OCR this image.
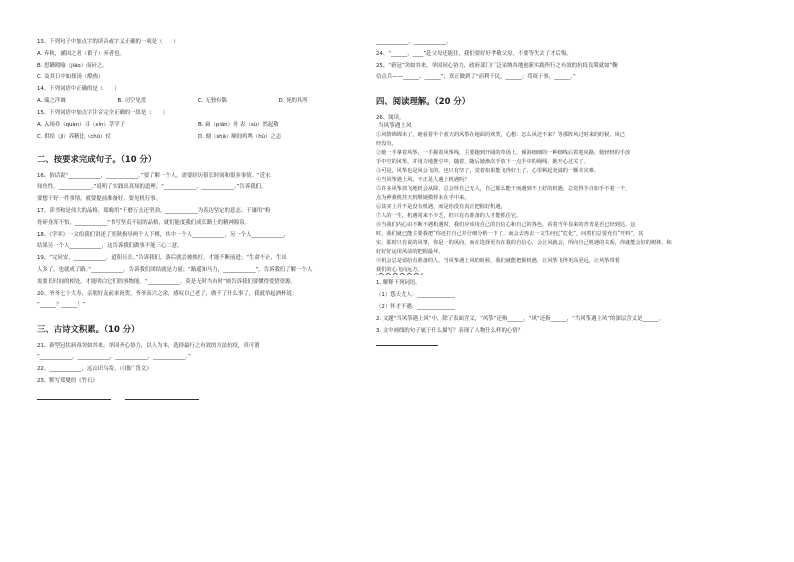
13、下列句子中加点字的读音或字义正确的一项是（　　）
A. 弃秋，涵国之者（蓄子）弃者也。
B. 思瞒瑕喻（jiāo）而矸之。
C. 及其日中如探汤（酷热）
14、下列词语中正确的是（　　）
A. 瑞之洋调	B. 司空见贯	C. 无独有偶	D. 死的其所
15、下列词语中加点字注音完全正确的一组是（　　）
A. 入场券（quàn）寻（xín）莘学子	B. 扁（piān）舟 表（sù）然起敬
C. 供给（jǐ）养精比（chǔ）仗	D. 刻（shā）顺间鸡鸣（hú）之志
二、按要求完成句子。（10 分）
16、俗话说“____________，____________。”要了解一个人，需要经历很长时间和很多事情。“近水
知鱼性，____________。”说明了实践出真知的道理；“____________，____________。”告诉我们，
要想干好一件事情，就要提前准备好，要见机行事。
17、读书和是伟大的品格。郑晚用“千磨万击还坚劲，____________为表达坚定的意志；于谦用“粉
骨碎身浑不怕，____________”书写坚贞不屈的品格，就们能度我们成长路上的精神源泉。
18、《学弈》一文给我们讲述了奕秋指导两个人下棋，其中一个人____________，另一个人____________，
结果另一个人____________，这告诉我们做事不能三心二意。
19、“完同安，____________，道阻且长。”告诉我们，落后就会被挨打，才能不断前进；“生命不止，生出
人多了，也就成了路。”____________。告诉我们团结就是力量；“路遥知马力，____________”，告诉我们了解一个人
需要长时间的相处，才能明白它们的事物能。“____________，莫是无时当有时”则告诉我们要懂得爱惜资源。
20、爷爷七十大寿，亲朋好友前来祝贺，爷爷高兴之余，感叹自己老了，做不了什么事了，我就举起酒杯说：
“______？______！”
三、古诗文积累。（10 分）
21、新型冠状病毒突如其来，举国齐心协力，以人为本，选择最行之有效的方法抗疫，真可谓
“____________，____________，____________，____________。”
22、____________，远山识乌寄。（《细广货文》
23、默写郑燮的《竹石》
____________，____________。
24、“______，____”赴父母还能住，我们要好好孝敬父母，不要等失去了才后悔。
25、“新冠”突如其来，举国同心协力，政府部门广泛采纳各地创新实践所行之有效的抗疫良策就如“鞠
信点兵——______、______”；真正做到了“而利千民，______；苟周于事，______。”
四、阅读理解。（20 分）
26、阅读。
当风筝遇上风
①风情绵绵未了，她看着半个蓝天的风筝在地面的欢笑，心想：怎么风还不来？等那阵风过时来的时候，风已
经没有。
②她一手拿着风筝，一手握着风筝线，主要跑到开阔的草场上，倾斜细细的一种细线后着迎风路，她轻轻的手放
手中空的风筝，并用力地推空中，随着，随后她渐次手放下一点手中的绳线，她开心过关了。
③可是，风筝也是风会飞的，也只有坚了，觉着如果能飞得好上了，心里顿起充溢的一颗幸灾难。
④当风筝遇上风，不正是人遇上机遇吗？
⑤许多风筝放飞地机会从降，总会怪自己无人，自己那么能干而遇到不上好的机遇，总觉得手自如手不着一个，
点为神我机挂天机继她模样未在半中来。
⑥其实上并不是没有机遇，而是你没有真正把握好机遇。
⑦人的一生，机遇常来不少乏，但只有有准备的人才能抓住它。
⑧当我们内心由不断不遇机遇时，我们应该用自己的自信心和自己的各色，看着当年显来的青青是否已经到达。这
时，我们就已能主要我把“你还打自己并仔细分析一下了，而会去再去一文生问它“危化”，问着们总要充有“开料”，其
实，那时只有说的风箏，你是一的风向，而在选择更有在我的自信心，会让风就会，所向自己机遇的关系，你就能会好的树林，和
好好好运用风前的把握最坏。
⑨机会总是留给有准备的人，当风筝遇上风的时候，我们就能把握机遇，让风筝飞得更高更远，让风筝带着
我们的心飞向远方。
1. 解释下列词语。
（1）怨天尤人：______________
（2）怀才不遇：______________
2. 文题“当风筝遇上风”中，除了表面含义，“风筝”还指______，“风”还指______，“当风筝遇上风”的深层含义是______。
3. 文中画线的句子属于什么描写？表现了人物什么样的心情？
